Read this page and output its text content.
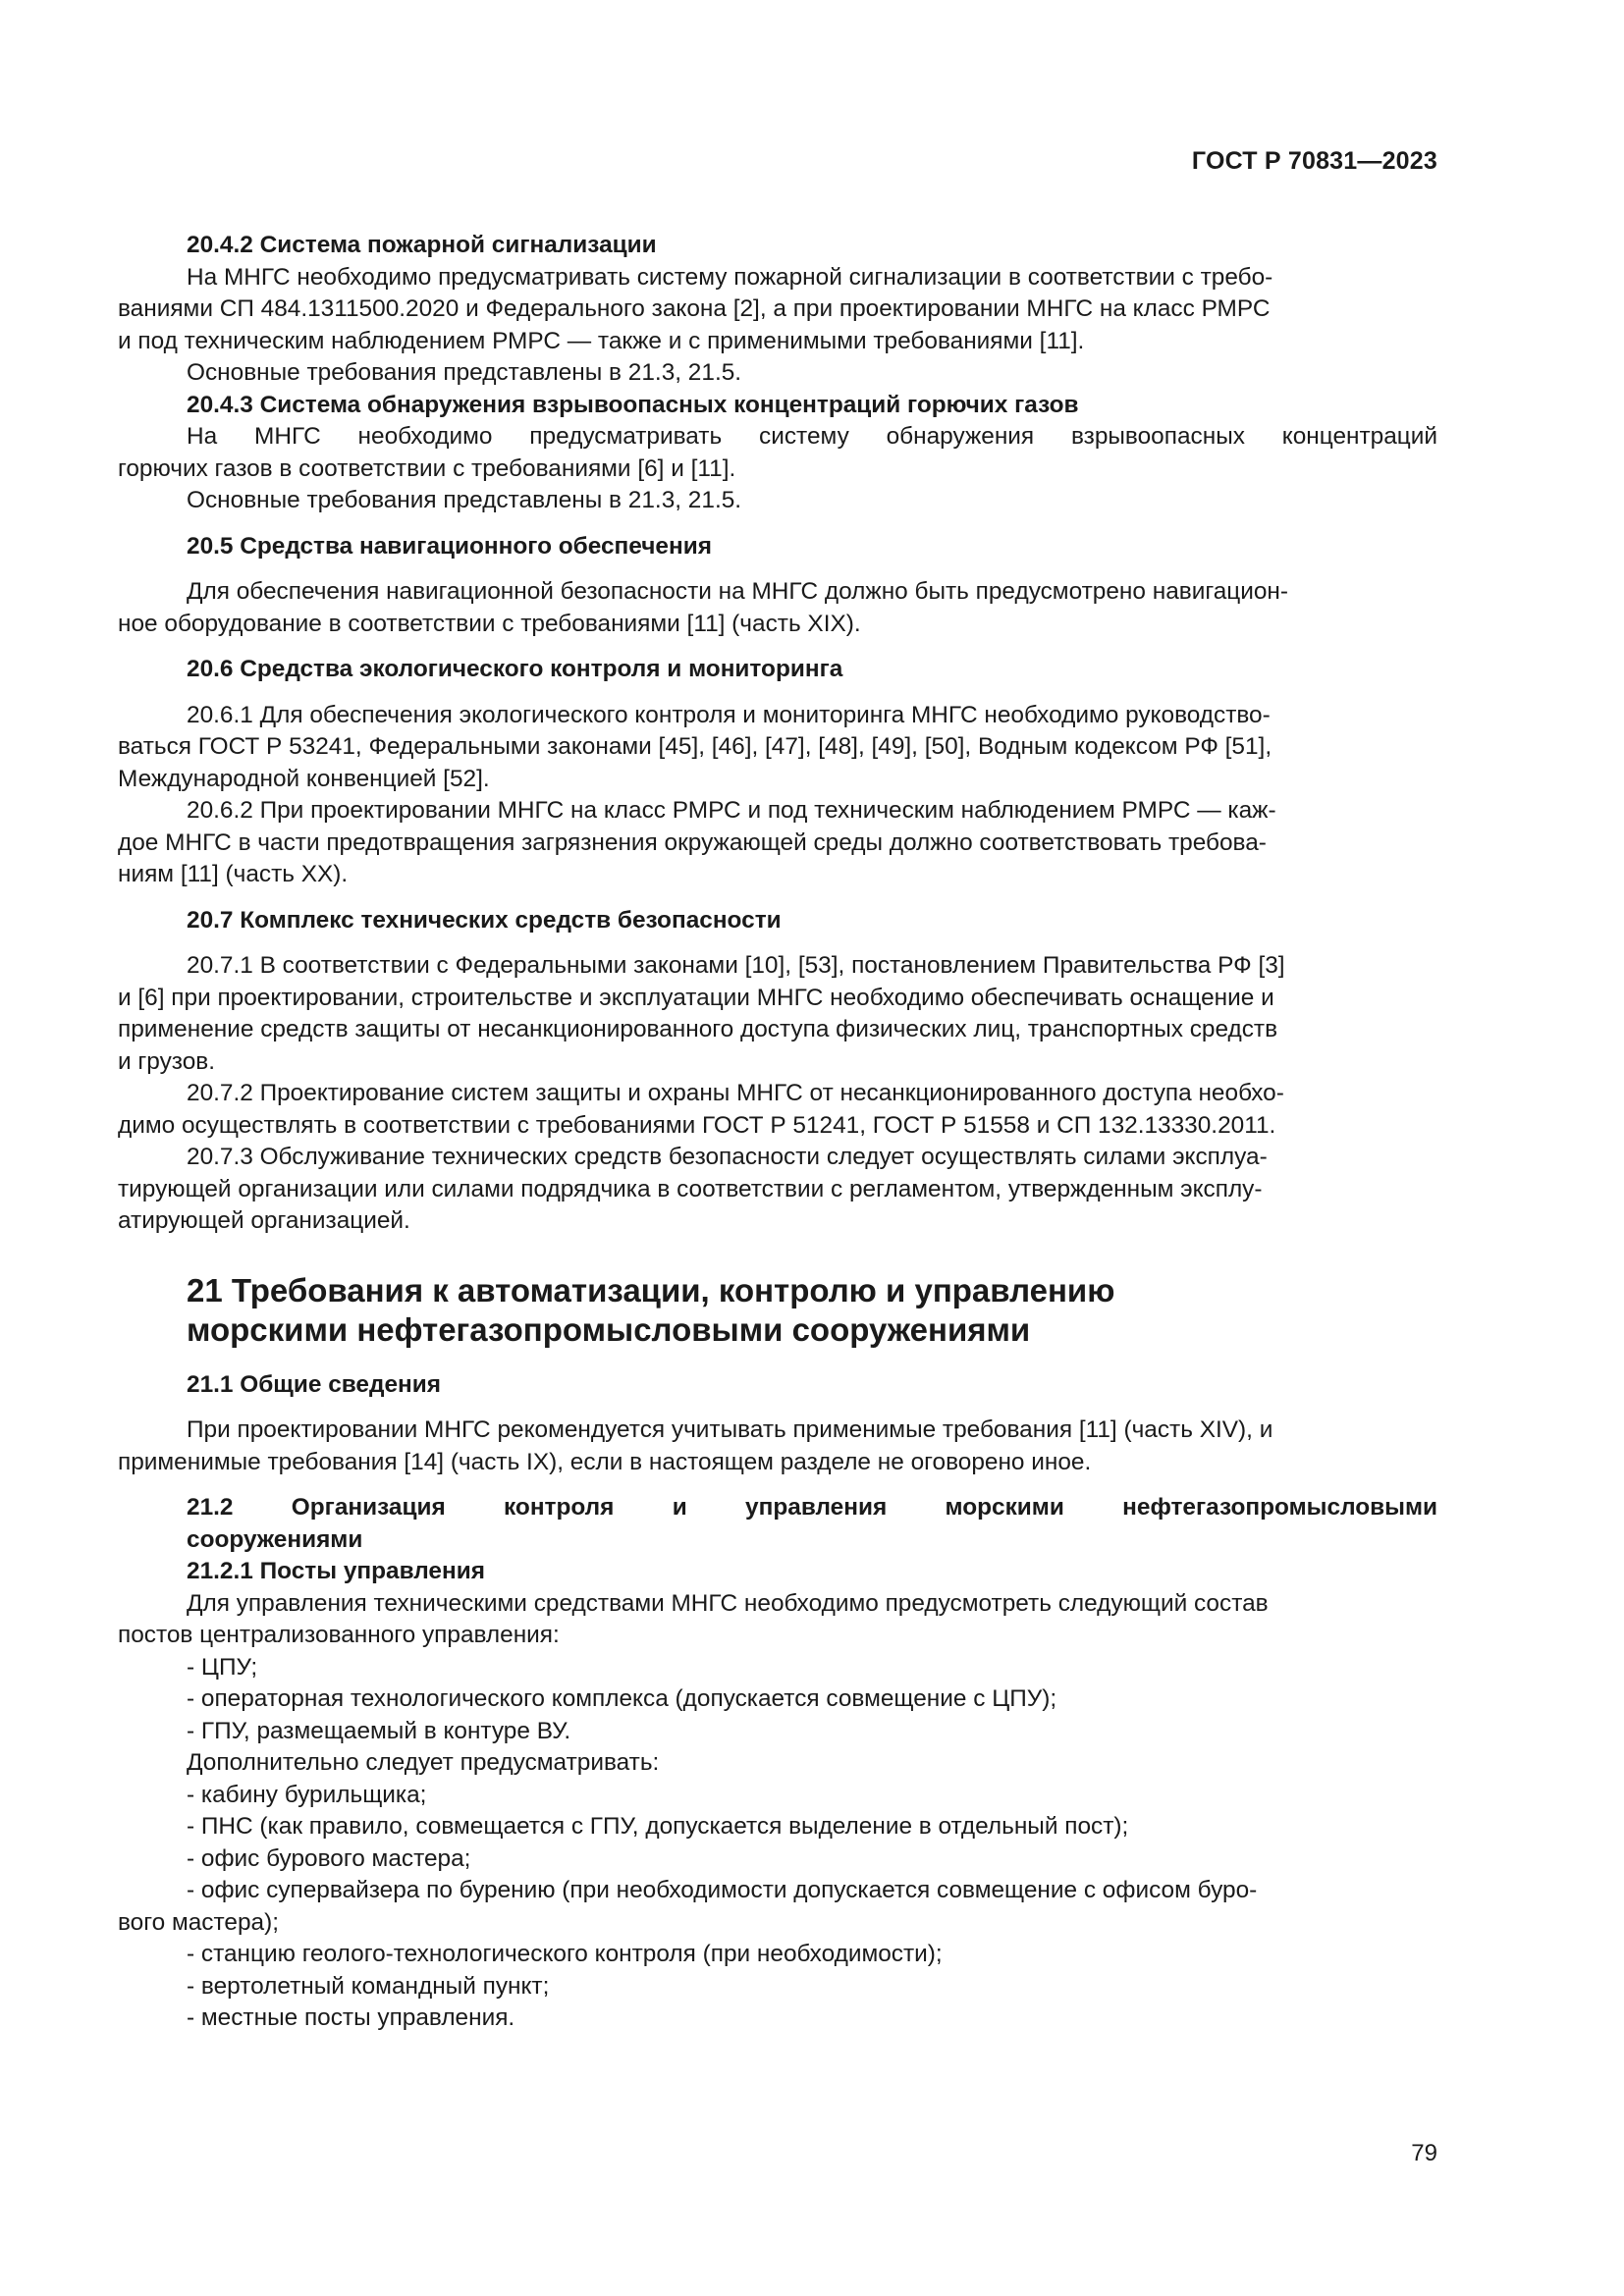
ГОСТ Р 70831—2023

20.4.2 Система пожарной сигнализации

На МНГС необходимо предусматривать систему пожарной сигнализации в соответствии с требо-

ваниями СП 484.1311500.2020 и Федерального закона [2], а при проектировании МНГС на класс РМРС

и под техническим наблюдением РМРС — также и с применимыми требованиями [11].

Основные требования представлены в 21.3, 21.5.

20.4.3 Система обнаружения взрывоопасных концентраций горючих газов

На МНГС необходимо предусматривать систему обнаружения взрывоопасных концентраций

горючих газов в соответствии с требованиями [6] и [11].

Основные требования представлены в 21.3, 21.5.

20.5 Средства навигационного обеспечения

Для обеспечения навигационной безопасности на МНГС должно быть предусмотрено навигацион-

ное оборудование в соответствии с требованиями [11] (часть XIX).

20.6 Средства экологического контроля и мониторинга

20.6.1 Для обеспечения экологического контроля и мониторинга МНГС необходимо руководство-

ваться ГОСТ Р 53241, Федеральными законами [45], [46], [47], [48], [49], [50], Водным кодексом РФ [51],

Международной конвенцией [52].

20.6.2 При проектировании МНГС на класс РМРС и под техническим наблюдением РМРС — каж-

дое МНГС в части предотвращения загрязнения окружающей среды должно соответствовать требова-

ниям [11] (часть XX).

20.7 Комплекс технических средств безопасности

20.7.1 В соответствии с Федеральными законами [10], [53], постановлением Правительства РФ [3]

и [6] при проектировании, строительстве и эксплуатации МНГС необходимо обеспечивать оснащение и

применение средств защиты от несанкционированного доступа физических лиц, транспортных средств

и грузов.

20.7.2 Проектирование систем защиты и охраны МНГС от несанкционированного доступа необхо-

димо осуществлять в соответствии с требованиями ГОСТ Р 51241, ГОСТ Р 51558 и СП 132.13330.2011.

20.7.3 Обслуживание технических средств безопасности следует осуществлять силами эксплуа-

тирующей организации или силами подрядчика в соответствии с регламентом, утвержденным эксплу-

атирующей организацией.

21 Требования к автоматизации, контролю и управлению
морскими нефтегазопромысловыми сооружениями

21.1 Общие сведения

При проектировании МНГС рекомендуется учитывать применимые требования [11] (часть XIV), и

применимые требования [14] (часть IX), если в настоящем разделе не оговорено иное.

21.2 Организация контроля и управления морскими нефтегазопромысловыми

сооружениями

21.2.1 Посты управления

Для управления техническими средствами МНГС необходимо предусмотреть следующий состав

постов централизованного управления:

- ЦПУ;

- операторная технологического комплекса (допускается совмещение с ЦПУ);

- ГПУ, размещаемый в контуре ВУ.

Дополнительно следует предусматривать:

- кабину бурильщика;

- ПНС (как правило, совмещается с ГПУ, допускается выделение в отдельный пост);

- офис бурового мастера;

- офис супервайзера по бурению (при необходимости допускается совмещение с офисом буро-

вого мастера);

- станцию геолого-технологического контроля (при необходимости);

- вертолетный командный пункт;

- местные посты управления.

79
